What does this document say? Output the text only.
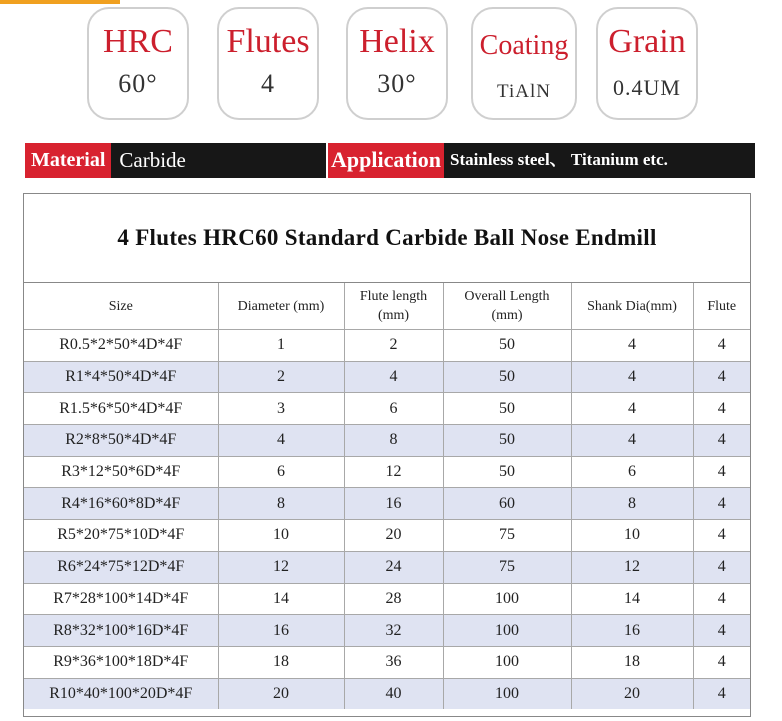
HRC
60°
Flutes
4
Helix
30°
Coating
TiAlN
Grain
0.4UM
Material Carbide	Application Stainless steel、 Titanium etc.
4 Flutes HRC60 Standard Carbide Ball Nose Endmill
Size	Diameter (mm)	Flute length (mm)	Overall Length (mm)	Shank Dia(mm)	Flute
R0.5*2*50*4D*4F	1	2	50	4	4
R1*4*50*4D*4F	2	4	50	4	4
R1.5*6*50*4D*4F	3	6	50	4	4
R2*8*50*4D*4F	4	8	50	4	4
R3*12*50*6D*4F	6	12	50	6	4
R4*16*60*8D*4F	8	16	60	8	4
R5*20*75*10D*4F	10	20	75	10	4
R6*24*75*12D*4F	12	24	75	12	4
R7*28*100*14D*4F	14	28	100	14	4
R8*32*100*16D*4F	16	32	100	16	4
R9*36*100*18D*4F	18	36	100	18	4
R10*40*100*20D*4F	20	40	100	20	4
